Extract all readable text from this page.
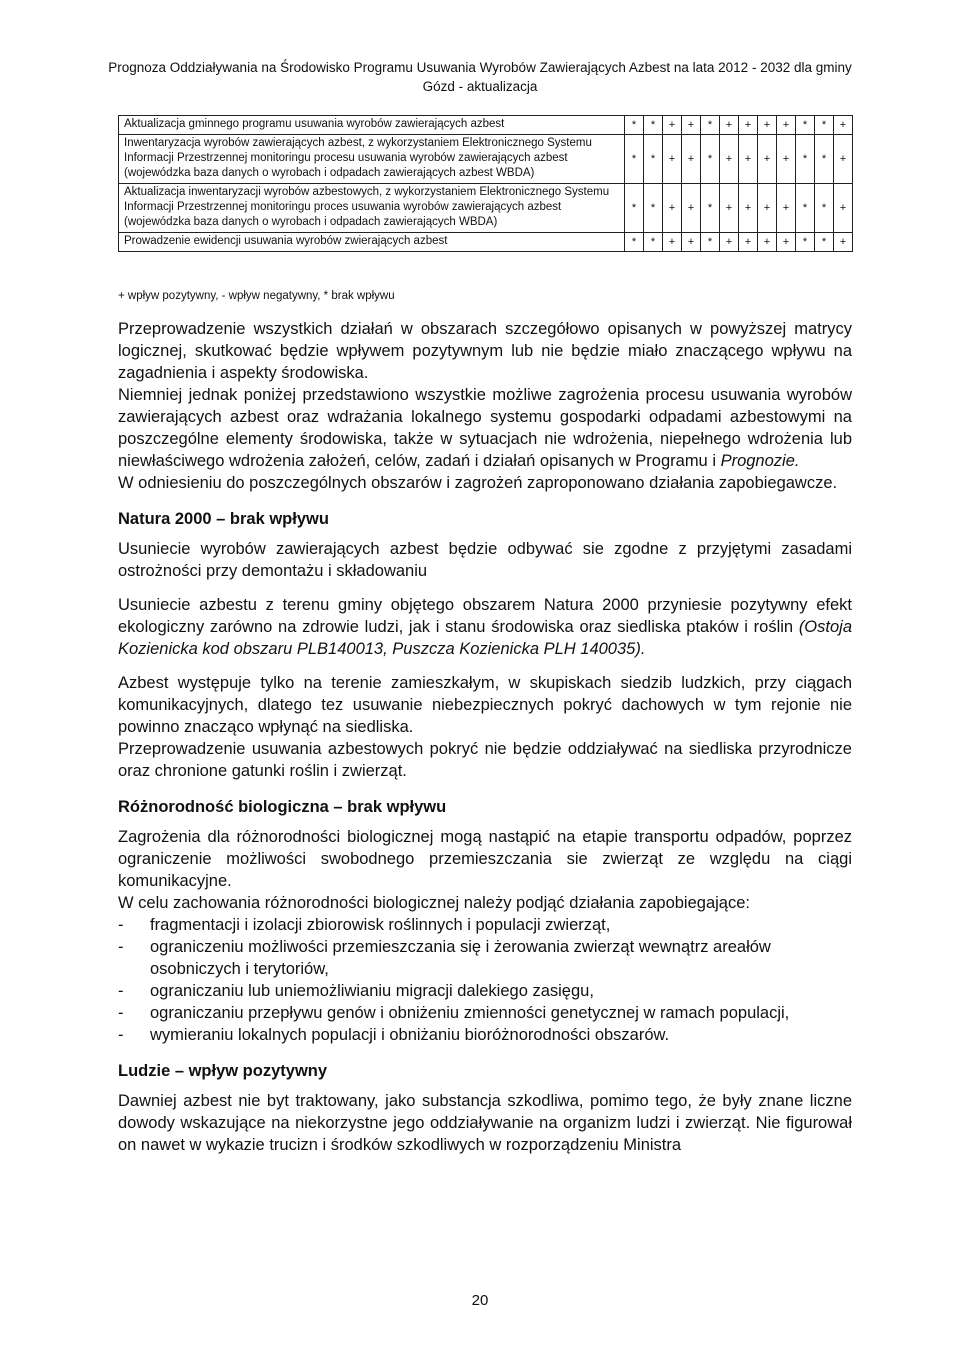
Prognoza Oddziaływania na Środowisko Programu Usuwania Wyrobów Zawierających Azbest na lata 2012 - 2032 dla gminy
Gózd - aktualizacja
Aktualizacja gminnego programu usuwania wyrobów zawierających azbest	*	*	+	+	*	+	+	+	+	*	*	+
Inwentaryzacja wyrobów zawierających azbest, z wykorzystaniem Elektronicznego Systemu Informacji Przestrzennej monitoringu procesu usuwania wyrobów zawierających azbest (wojewódzka baza danych o wyrobach i odpadach zawierających azbest WBDA)	*	*	+	+	*	+	+	+	+	*	*	+
Aktualizacja inwentaryzacji wyrobów azbestowych, z wykorzystaniem Elektronicznego Systemu Informacji Przestrzennej monitoringu proces usuwania wyrobów zawierających azbest (wojewódzka baza danych o wyrobach i odpadach zawierających WBDA)	*	*	+	+	*	+	+	+	+	*	*	+
Prowadzenie ewidencji usuwania wyrobów zwierających azbest	*	*	+	+	*	+	+	+	+	*	*	+
+ wpływ pozytywny, - wpływ negatywny, * brak wpływu

Przeprowadzenie wszystkich działań w obszarach szczegółowo opisanych w powyższej matrycy logicznej, skutkować będzie wpływem pozytywnym lub nie będzie miało znaczącego wpływu na zagadnienia i aspekty środowiska.

Niemniej jednak poniżej przedstawiono wszystkie możliwe zagrożenia procesu usuwania wyrobów zawierających azbest oraz wdrażania lokalnego systemu gospodarki odpadami azbestowymi na poszczególne elementy środowiska, także w sytuacjach nie wdrożenia, niepełnego wdrożenia lub niewłaściwego wdrożenia założeń, celów, zadań i działań opisanych w Programu i Prognozie.

W odniesieniu do poszczególnych obszarów i zagrożeń zaproponowano działania zapobiegawcze.

Natura 2000 – brak wpływu

Usuniecie wyrobów zawierających azbest będzie odbywać sie zgodne z przyjętymi zasadami ostrożności przy demontażu i składowaniu

Usuniecie azbestu z terenu gminy objętego obszarem Natura 2000 przyniesie pozytywny efekt ekologiczny zarówno na zdrowie ludzi, jak i stanu środowiska oraz siedliska ptaków i roślin (Ostoja Kozienicka kod obszaru PLB140013, Puszcza Kozienicka PLH 140035).

Azbest występuje tylko na terenie zamieszkałym, w skupiskach siedzib ludzkich, przy ciągach komunikacyjnych, dlatego tez usuwanie niebezpiecznych pokryć dachowych w tym rejonie nie powinno znacząco wpłynąć na siedliska.

Przeprowadzenie usuwania azbestowych pokryć nie będzie oddziaływać na siedliska przyrodnicze oraz chronione gatunki roślin i zwierząt.

Różnorodność biologiczna – brak wpływu

Zagrożenia dla różnorodności biologicznej mogą nastąpić na etapie transportu odpadów, poprzez ograniczenie możliwości swobodnego przemieszczania sie zwierząt ze względu na ciągi komunikacyjne.

W celu zachowania różnorodności biologicznej należy podjąć działania zapobiegające:

- fragmentacji i izolacji zbiorowisk roślinnych i populacji zwierząt,
- ograniczeniu możliwości przemieszczania się i żerowania zwierząt wewnątrz areałów osobniczych i terytoriów,
- ograniczaniu lub uniemożliwianiu migracji dalekiego zasięgu,
- ograniczaniu przepływu genów i obniżeniu zmienności genetycznej w ramach populacji,
- wymieraniu lokalnych populacji i obniżaniu bioróżnorodności obszarów.
Ludzie – wpływ pozytywny

Dawniej azbest nie byt traktowany, jako substancja szkodliwa, pomimo tego, że były znane liczne dowody wskazujące na niekorzystne jego oddziaływanie na organizm ludzi i zwierząt. Nie figurował on nawet w wykazie trucizn i środków szkodliwych w rozporządzeniu Ministra

20
